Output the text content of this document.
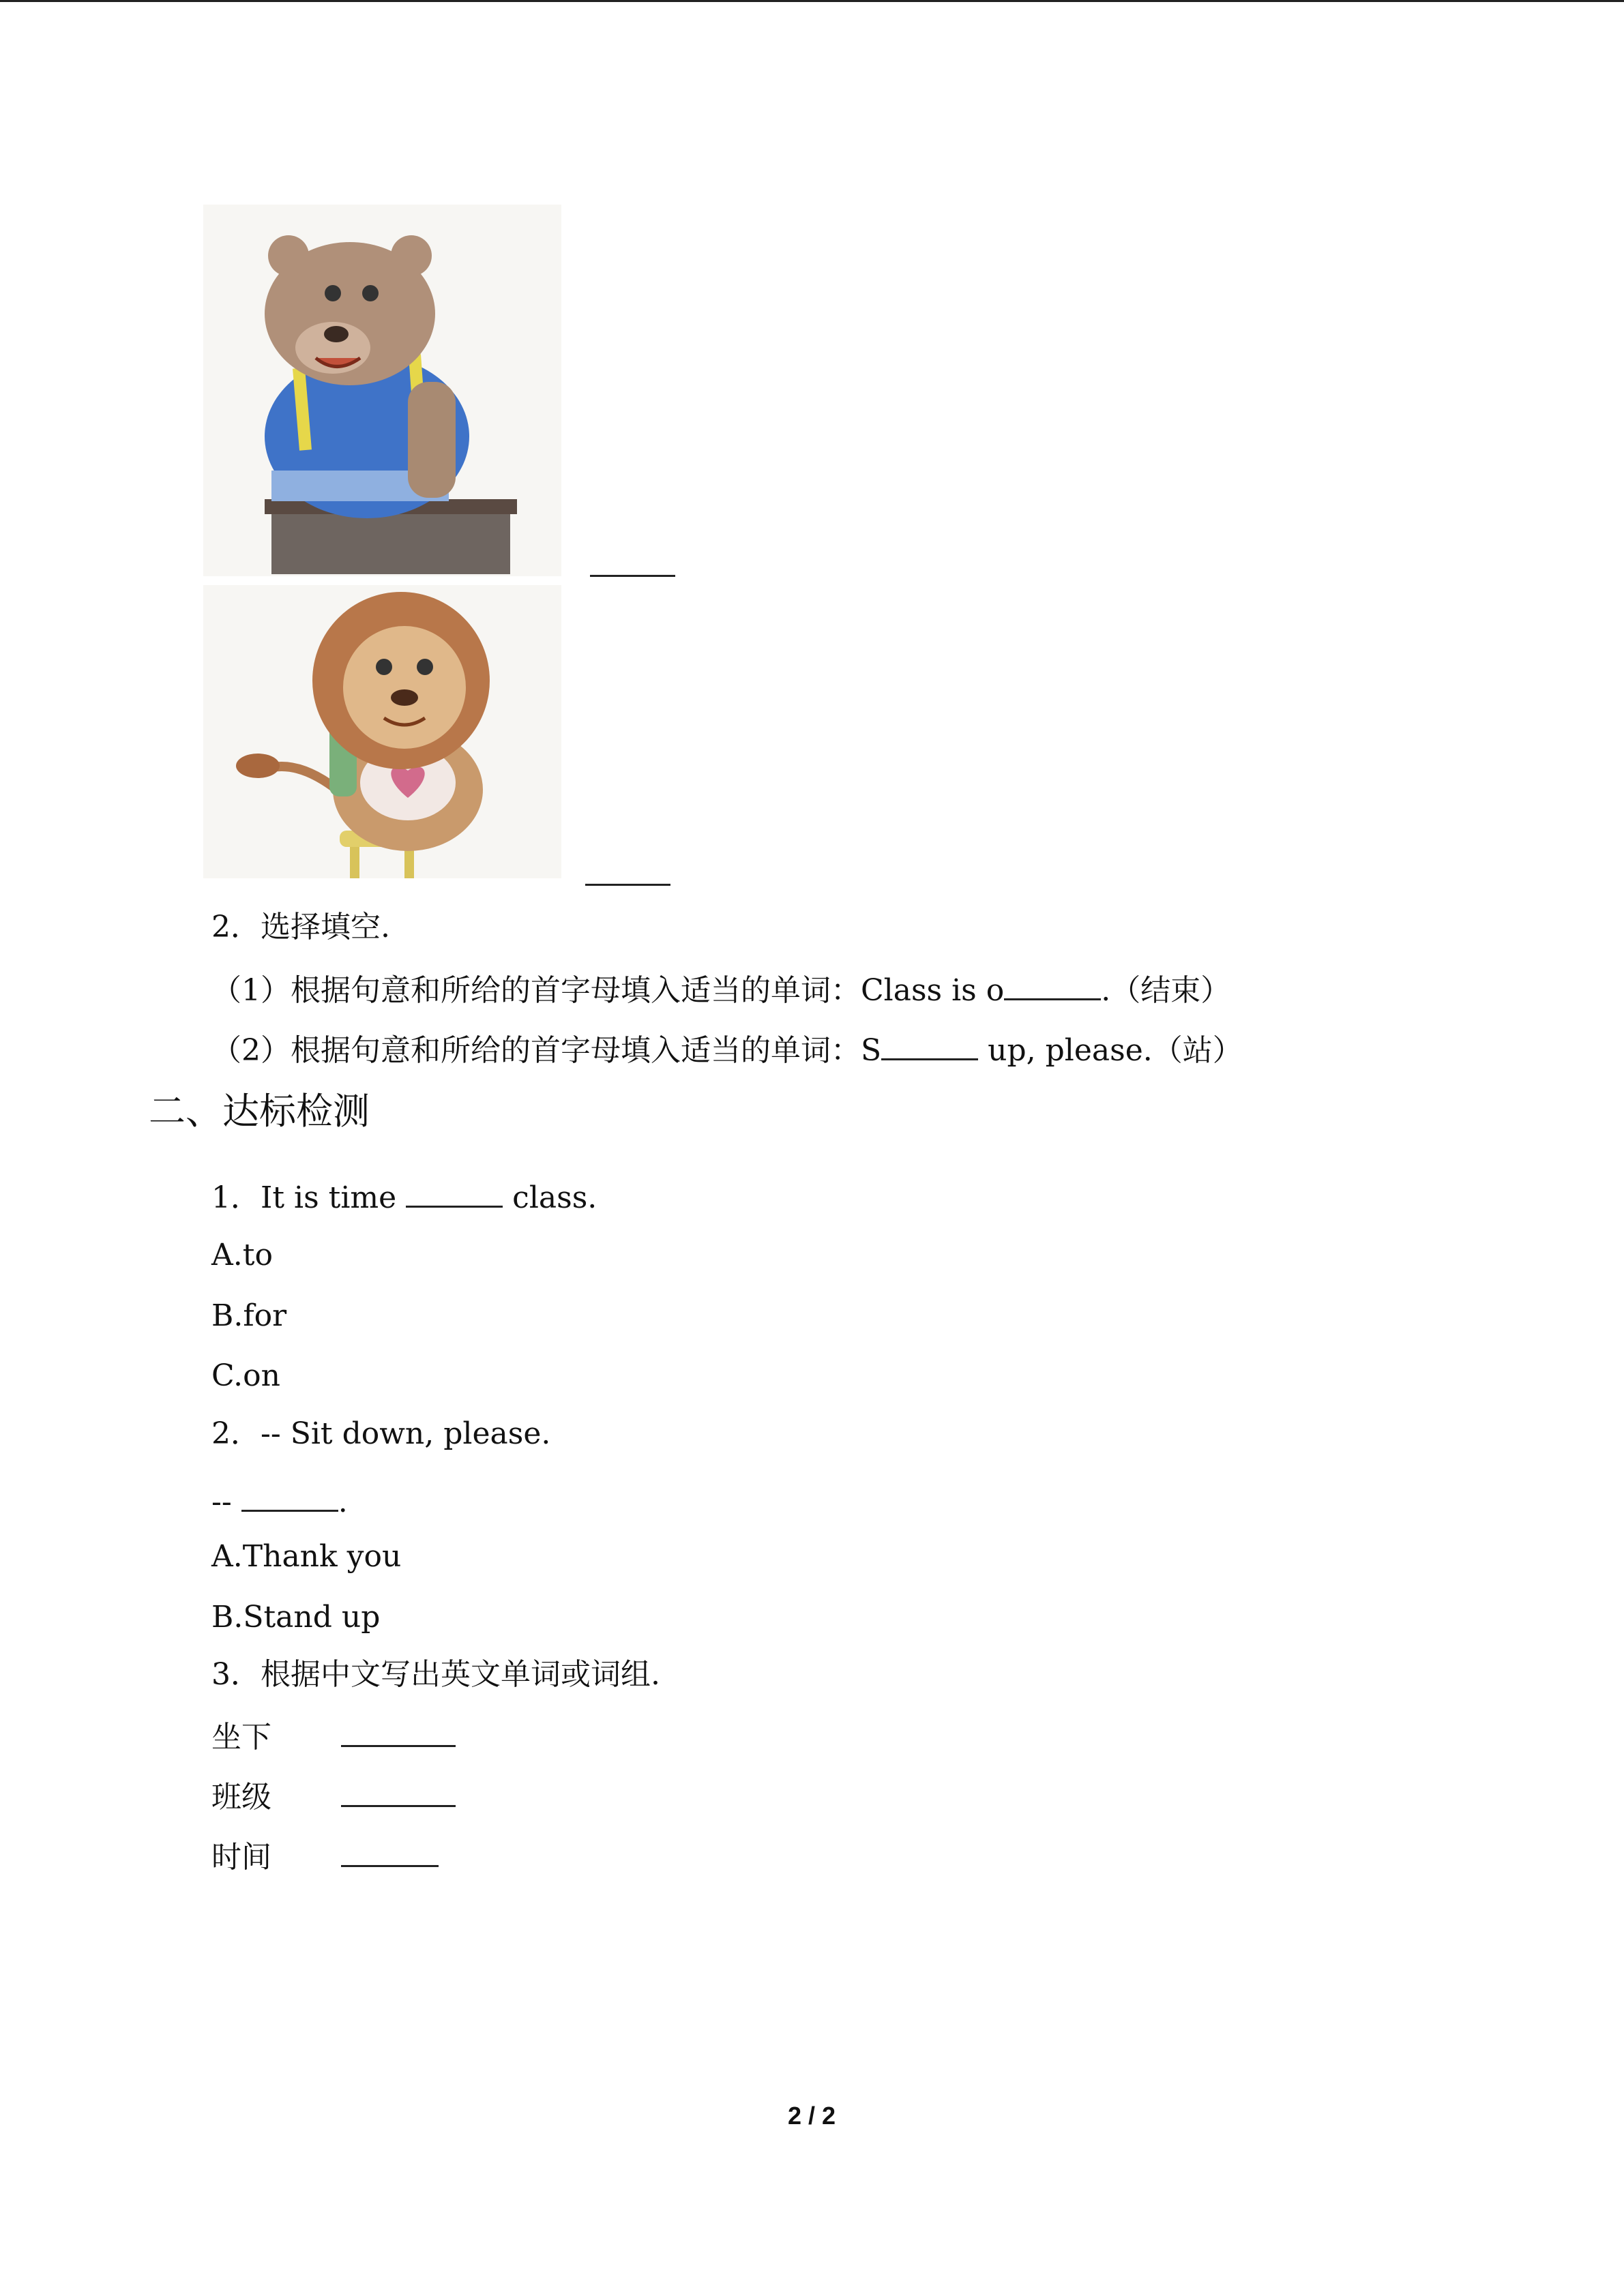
2．选择填空.
（1）根据句意和所给的首字母填入适当的单词：Class is o	.（结束）
（2）根据句意和所给的首字母填入适当的单词：S	up, please.（站）
二、达标检测
1．It is time	class.
A.to
B.for
C.on
2．-- Sit down, please.
--	.
A.Thank you
B.Stand up
3．根据中文写出英文单词或词组.
坐下
班级
时间
2 / 2
